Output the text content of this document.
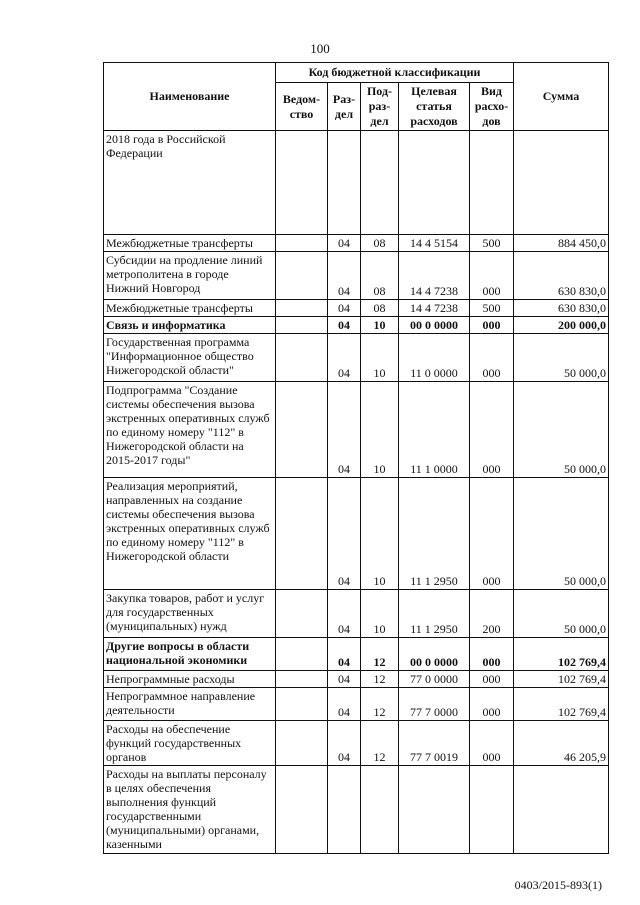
100
Наименование	Код бюджетной классификации					Сумма
	Ведом-ство	Раз-дел	Под-раз-дел	Целевая статья расходов	Вид расхо-дов	
2018 года в Российской Федерации						
Межбюджетные трансферты		04	08	14 4 5154	500	884 450,0
Субсидии на продление линий метрополитена в городе Нижний Новгород		04	08	14 4 7238	000	630 830,0
Межбюджетные трансферты		04	08	14 4 7238	500	630 830,0
Связь и информатика		04	10	00 0 0000	000	200 000,0
Государственная программа "Информационное общество Нижегородской области"		04	10	11 0 0000	000	50 000,0
Подпрограмма "Создание системы обеспечения вызова экстренных оперативных служб по единому номеру "112" в Нижегородской области на 2015-2017 годы"		04	10	11 1 0000	000	50 000,0
Реализация мероприятий, направленных на создание системы обеспечения вызова экстренных оперативных служб по единому номеру "112" в Нижегородской области		04	10	11 1 2950	000	50 000,0
Закупка товаров, работ и услуг для государственных (муниципальных) нужд		04	10	11 1 2950	200	50 000,0
Другие вопросы в области национальной экономики		04	12	00 0 0000	000	102 769,4
Непрограммные расходы		04	12	77 0 0000	000	102 769,4
Непрограммное направление деятельности		04	12	77 7 0000	000	102 769,4
Расходы на обеспечение функций государственных органов		04	12	77 7 0019	000	46 205,9
Расходы на выплаты персоналу в целях обеспечения выполнения функций государственными (муниципальными) органами, казенными						
0403/2015-893(1)
